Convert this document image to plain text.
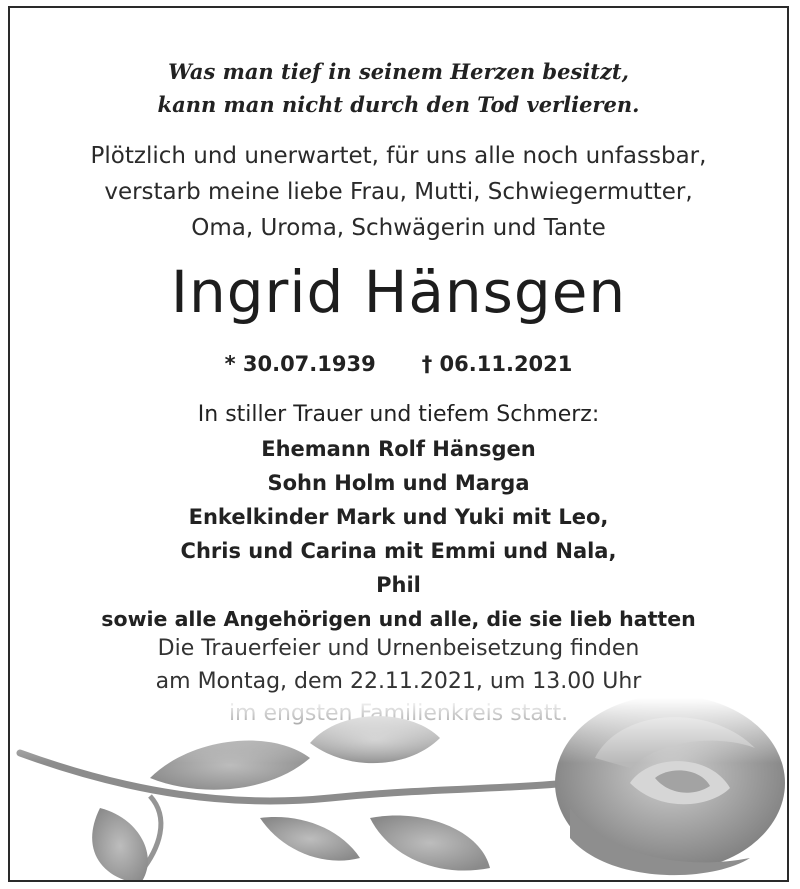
Was man tief in seinem Herzen besitzt,
kann man nicht durch den Tod verlieren.
Plötzlich und unerwartet, für uns alle noch unfassbar,
verstarb meine liebe Frau, Mutti, Schwiegermutter,
Oma, Uroma, Schwägerin und Tante
Ingrid Hänsgen
* 30.07.1939 † 06.11.2021
In stiller Trauer und tiefem Schmerz:
Ehemann Rolf Hänsgen
Sohn Holm und Marga
Enkelkinder Mark und Yuki mit Leo,
Chris und Carina mit Emmi und Nala,
Phil
sowie alle Angehörigen und alle, die sie lieb hatten
Die Trauerfeier und Urnenbeisetzung finden
am Montag, dem 22.11.2021, um 13.00 Uhr
